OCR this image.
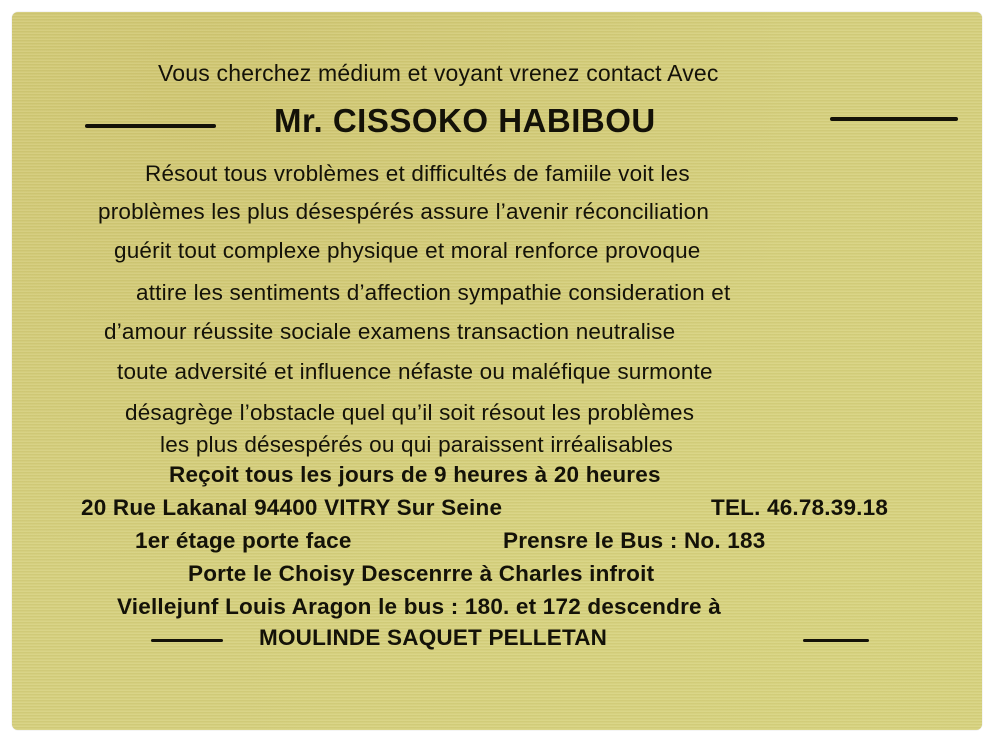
Vous cherchez médium et voyant vrenez contact Avec
Mr. CISSOKO HABIBOU
Résout tous vroblèmes et difficultés de famiile voit les
problèmes les plus désespérés assure l’avenir réconciliation
guérit tout complexe physique et moral renforce provoque
attire les sentiments d’affection sympathie consideration et
d’amour réussite sociale examens transaction neutralise
toute adversité et influence néfaste ou maléfique surmonte
désagrège l’obstacle quel qu’il soit résout les problèmes
les plus désespérés ou qui paraissent irréalisables
Reçoit tous les jours de 9 heures à 20 heures
20 Rue Lakanal 94400 VITRY Sur Seine	TEL. 46.78.39.18
1er étage porte face	Prensre le Bus : No. 183
Porte le Choisy Descenrre à Charles infroit
Viellejunf Louis Aragon le bus : 180. et 172 descendre à
MOULINDE SAQUET PELLETAN
